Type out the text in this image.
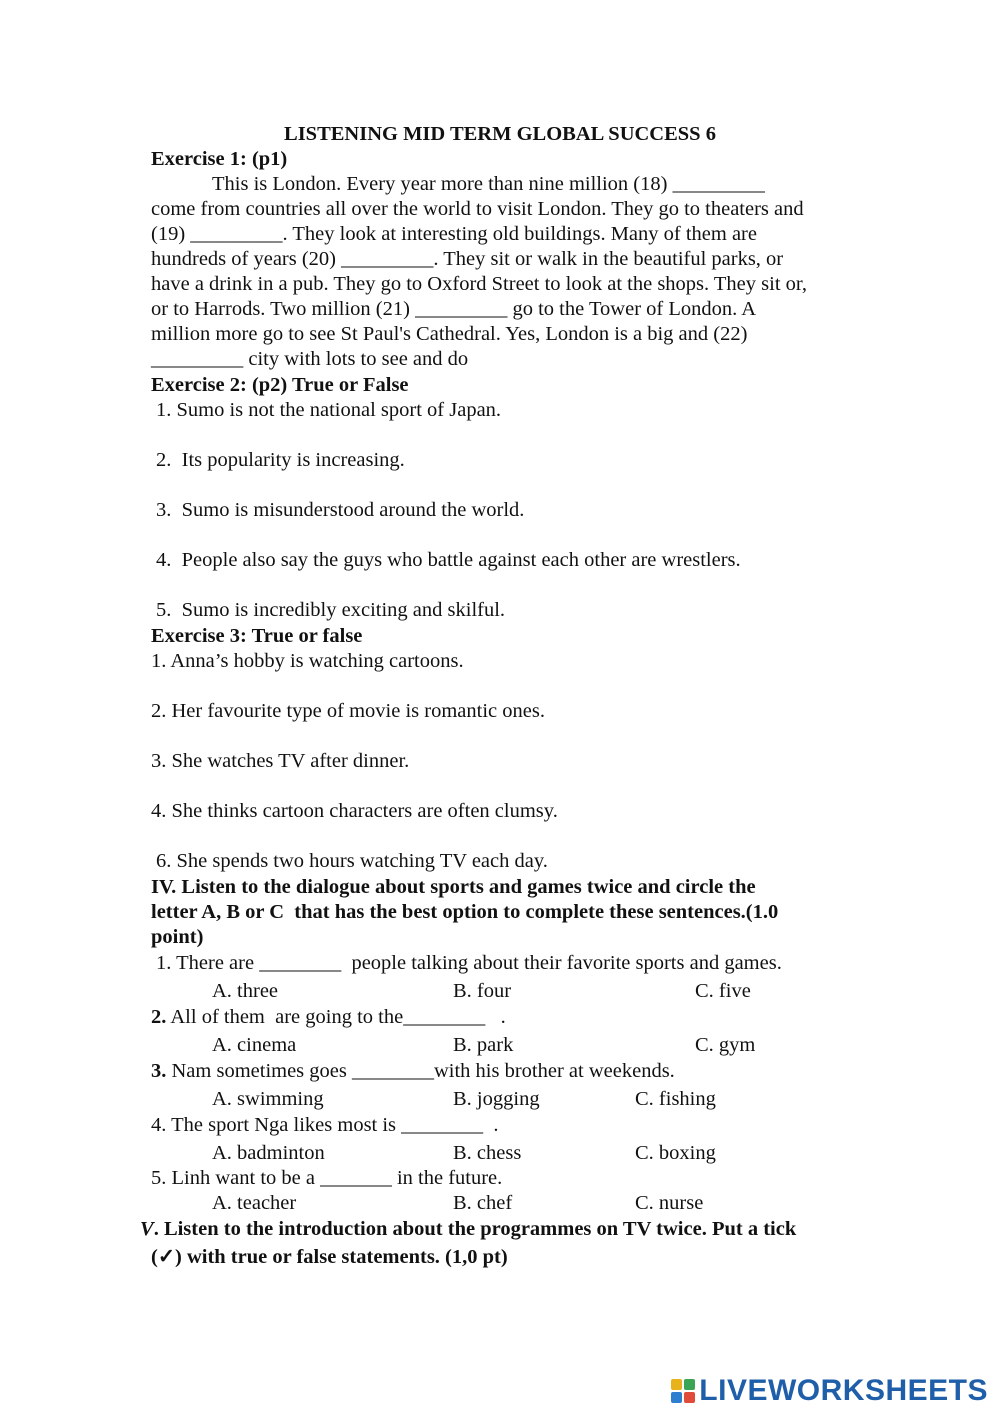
LISTENING MID TERM GLOBAL SUCCESS 6
Exercise 1: (p1)
This is London. Every year more than nine million (18) _________
come from countries all over the world to visit London. They go to theaters and
(19) _________. They look at interesting old buildings. Many of them are
hundreds of years (20) _________. They sit or walk in the beautiful parks, or
have a drink in a pub. They go to Oxford Street to look at the shops. They sit or,
or to Harrods. Two million (21) _________ go to the Tower of London. A
million more go to see St Paul's Cathedral. Yes, London is a big and (22)
_________ city with lots to see and do
Exercise 2: (p2) True or False
1. Sumo is not the national sport of Japan.
2.  Its popularity is increasing.
3.  Sumo is misunderstood around the world.
4.  People also say the guys who battle against each other are wrestlers.
5.  Sumo is incredibly exciting and skilful.
Exercise 3: True or false
1. Anna’s hobby is watching cartoons.
2. Her favourite type of movie is romantic ones.
3. She watches TV after dinner.
4. She thinks cartoon characters are often clumsy.
6. She spends two hours watching TV each day.
IV. Listen to the dialogue about sports and games twice and circle the
letter A, B or C  that has the best option to complete these sentences.(1.0
point)
1. There are ________  people talking about their favorite sports and games.
A. three	B. four	C. five
2. All of them  are going to the________   .
A. cinema	B. park	C. gym
3. Nam sometimes goes ________with his brother at weekends.
A. swimming	B. jogging	C. fishing
4. The sport Nga likes most is ________  .
A. badminton	B. chess	C. boxing
5. Linh want to be a _______ in the future.
A. teacher	B. chef	C. nurse
V. Listen to the introduction about the programmes on TV twice. Put a tick
(✓) with true or false statements. (1,0 pt)
LIVEWORKSHEETS
